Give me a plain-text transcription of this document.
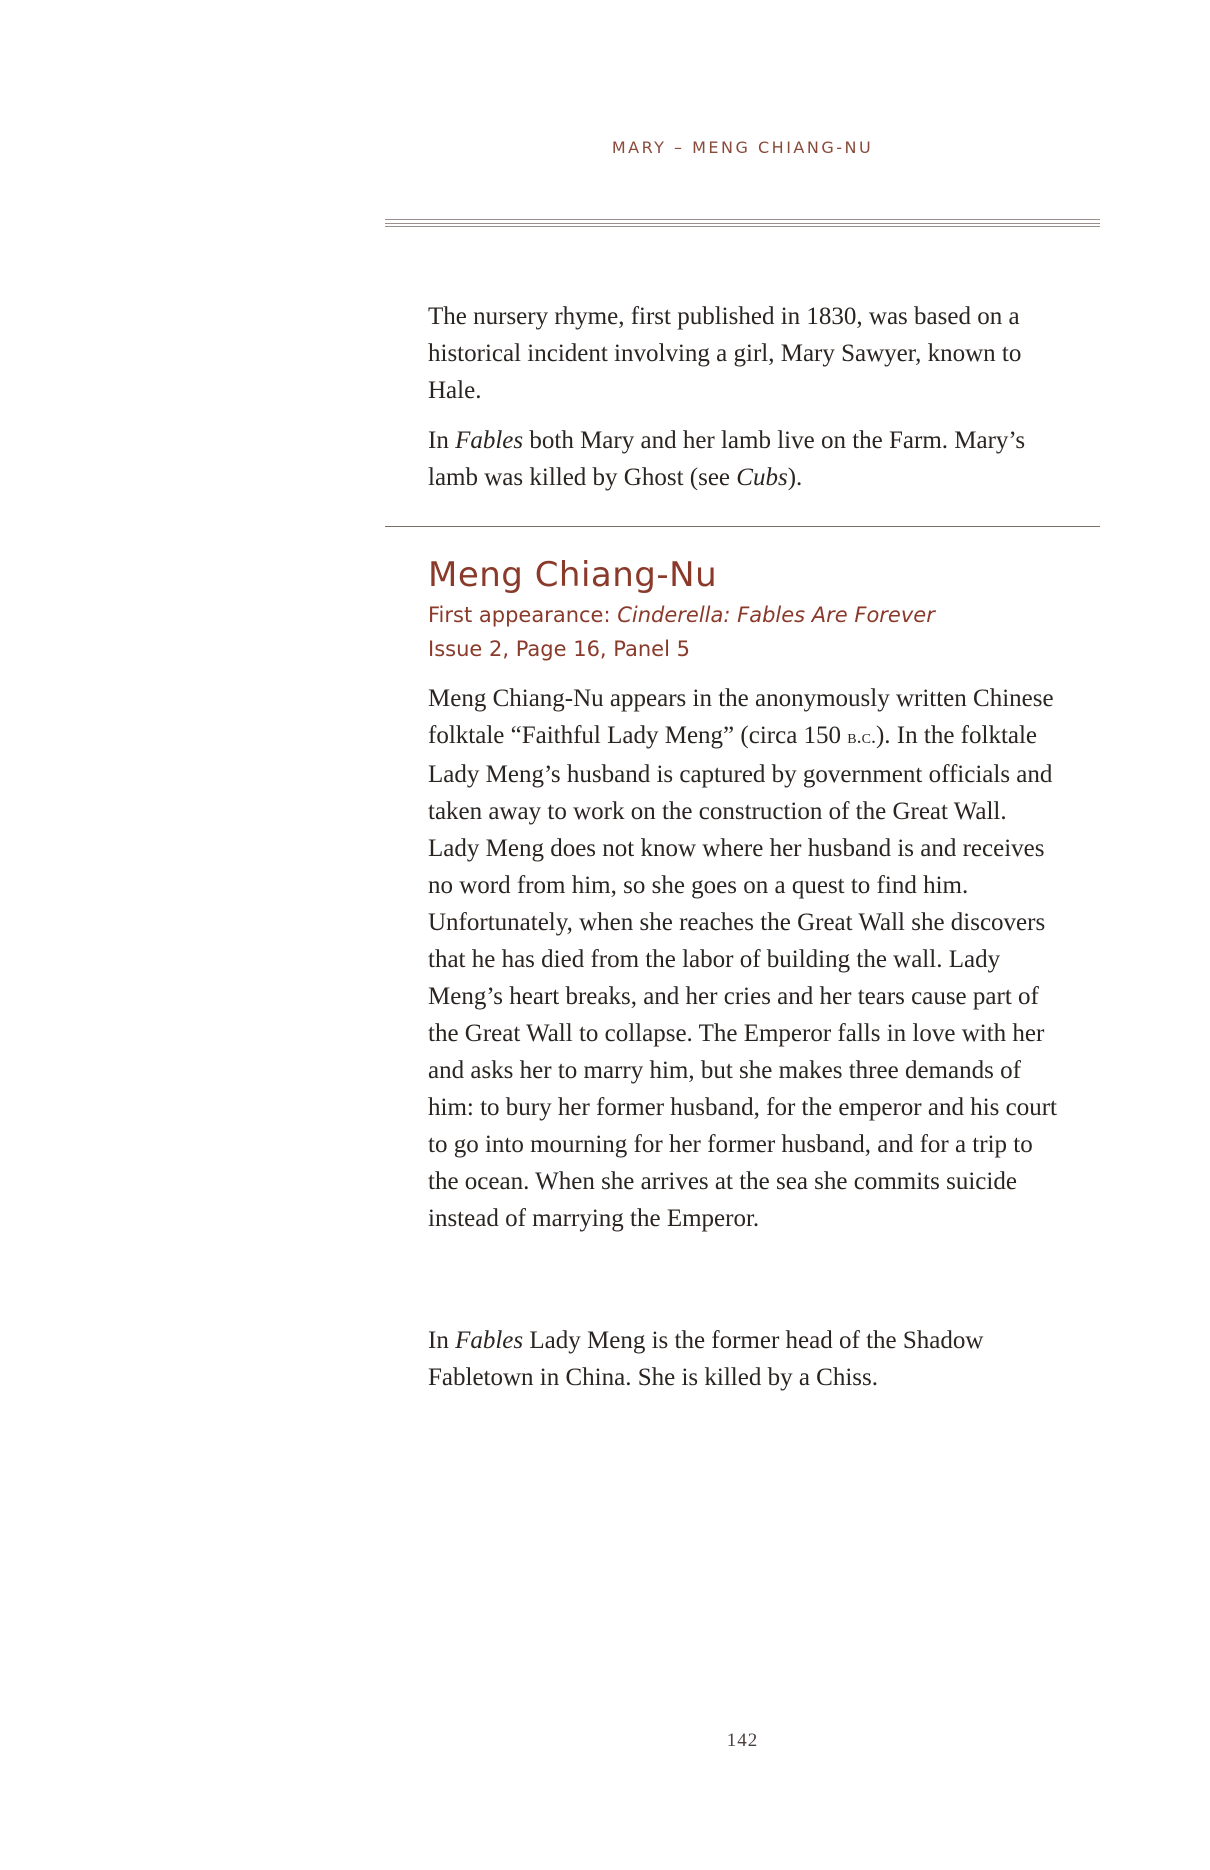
MARY – MENG CHIANG-NU

The nursery rhyme, first published in 1830, was based on a historical incident involving a girl, Mary Sawyer, known to Hale.

In Fables both Mary and her lamb live on the Farm. Mary’s lamb was killed by Ghost (see Cubs).

Meng Chiang-Nu

First appearance: Cinderella: Fables Are Forever
Issue 2, Page 16, Panel 5

Meng Chiang-Nu appears in the anonymously written Chinese folktale “Faithful Lady Meng” (circa 150 b.c.). In the folktale Lady Meng’s husband is captured by government officials and taken away to work on the construction of the Great Wall. Lady Meng does not know where her husband is and receives no word from him, so she goes on a quest to find him. Unfortunately, when she reaches the Great Wall she discovers that he has died from the labor of building the wall. Lady Meng’s heart breaks, and her cries and her tears cause part of the Great Wall to collapse. The Emperor falls in love with her and asks her to marry him, but she makes three demands of him: to bury her former husband, for the emperor and his court to go into mourning for her former husband, and for a trip to the ocean. When she arrives at the sea she commits suicide instead of marrying the Emperor.

In Fables Lady Meng is the former head of the Shadow Fabletown in China. She is killed by a Chiss.

142
